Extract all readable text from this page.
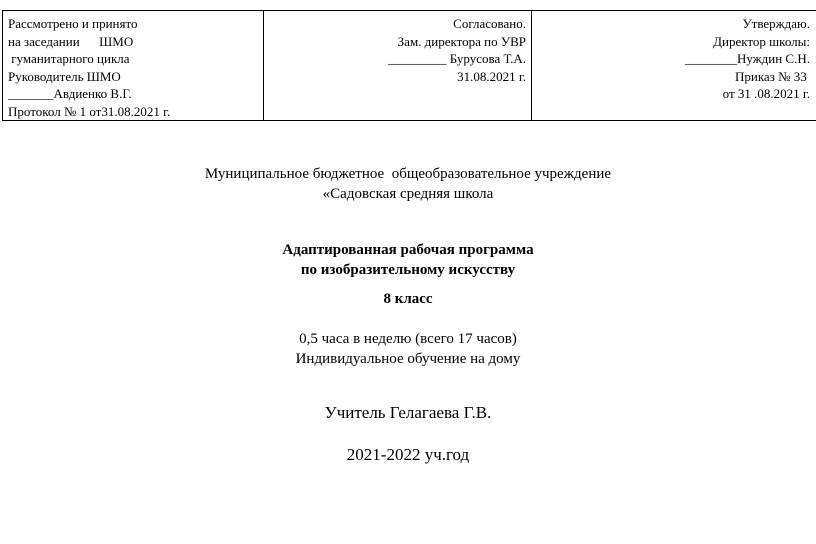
Рассмотрено и принято
на заседании      ШМО
гуманитарного цикла
Руководитель ШМО
_______Авдиенко В.Г.
Протокол № 1 от31.08.2021 г.

Согласовано.
Зам. директора по УВР
_________ Бурусова Т.А.
31.08.2021 г.

Утверждаю.
Директор школы:
________Нуждин С.Н.
Приказ № 33
от 31 .08.2021 г.
Муниципальное бюджетное  общеобразовательное учреждение
«Садовская средняя школа
Адаптированная рабочая программа
по изобразительному искусству
8 класс
0,5 часа в неделю (всего 17 часов)
Индивидуальное обучение на дому
Учитель Гелагаева Г.В.
2021-2022 уч.год
